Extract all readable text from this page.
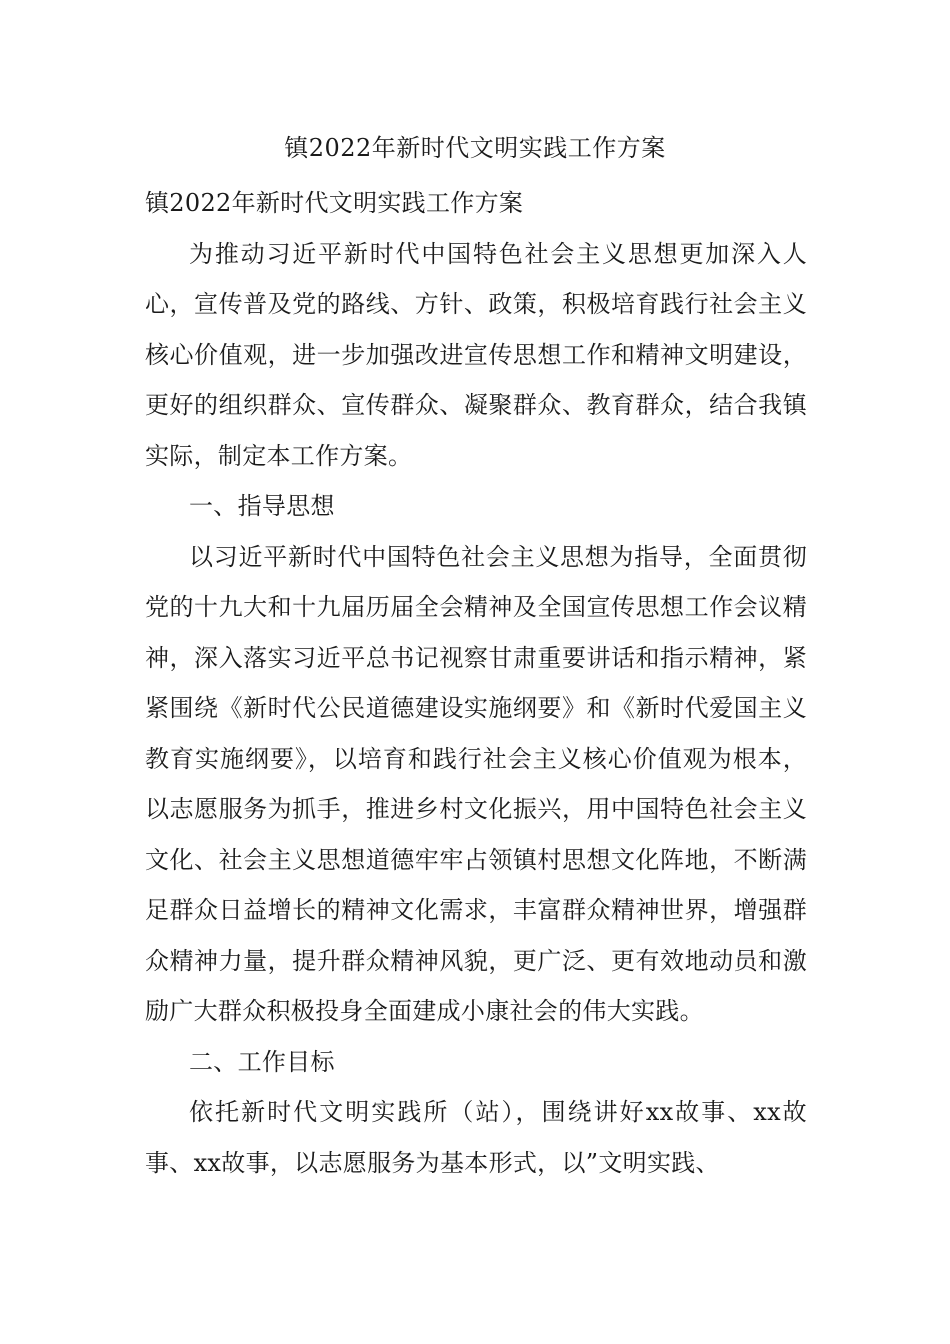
镇2022年新时代文明实践工作方案

镇2022年新时代文明实践工作方案

为推动习近平新时代中国特色社会主义思想更加深入人心，宣传普及党的路线、方针、政策，积极培育践行社会主义核心价值观，进一步加强改进宣传思想工作和精神文明建设，更好的组织群众、宣传群众、凝聚群众、教育群众，结合我镇实际，制定本工作方案。

一、指导思想

以习近平新时代中国特色社会主义思想为指导，全面贯彻党的十九大和十九届历届全会精神及全国宣传思想工作会议精神，深入落实习近平总书记视察甘肃重要讲话和指示精神，紧紧围绕《新时代公民道德建设实施纲要》和《新时代爱国主义教育实施纲要》，以培育和践行社会主义核心价值观为根本，以志愿服务为抓手，推进乡村文化振兴，用中国特色社会主义文化、社会主义思想道德牢牢占领镇村思想文化阵地，不断满足群众日益增长的精神文化需求，丰富群众精神世界，增强群众精神力量，提升群众精神风貌，更广泛、更有效地动员和激励广大群众积极投身全面建成小康社会的伟大实践。

二、工作目标

依托新时代文明实践所（站），围绕讲好xx故事、xx故事、xx故事，以志愿服务为基本形式，以”文明实践、
